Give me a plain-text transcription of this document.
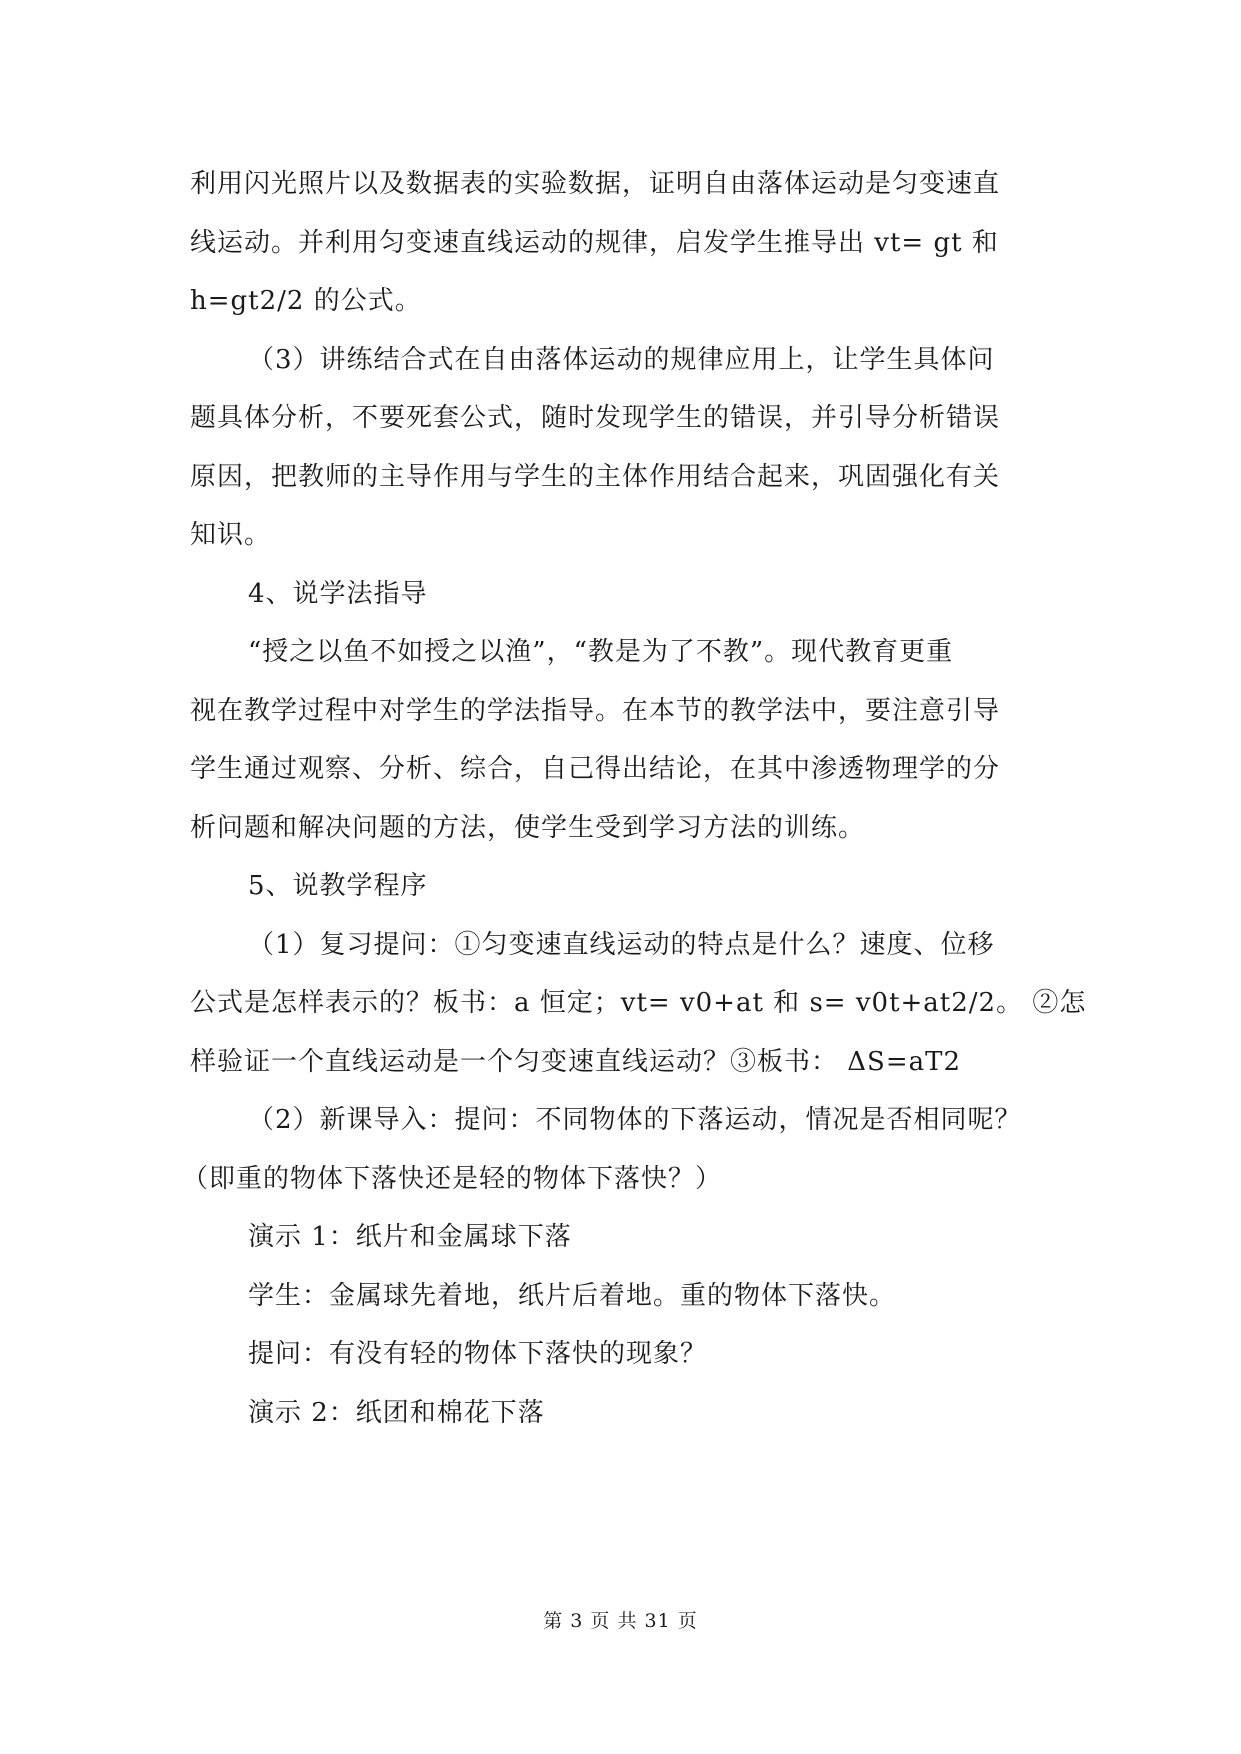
利用闪光照片以及数据表的实验数据，证明自由落体运动是匀变速直
线运动。并利用匀变速直线运动的规律，启发学生推导出 vt= gt 和
h=gt2/2 的公式。
（3）讲练结合式在自由落体运动的规律应用上，让学生具体问
题具体分析，不要死套公式，随时发现学生的错误，并引导分析错误
原因，把教师的主导作用与学生的主体作用结合起来，巩固强化有关
知识。
4、说学法指导
“授之以鱼不如授之以渔”，“教是为了不教”。现代教育更重
视在教学过程中对学生的学法指导。在本节的教学法中，要注意引导
学生通过观察、分析、综合，自己得出结论，在其中渗透物理学的分
析问题和解决问题的方法，使学生受到学习方法的训练。
5、说教学程序
（1）复习提问：①匀变速直线运动的特点是什么？速度、位移
公式是怎样表示的？板书：a 恒定；vt= v0+at 和 s= v0t+at2/2。 ②怎
样验证一个直线运动是一个匀变速直线运动？③板书： ΔS=aT2
（2）新课导入：提问：不同物体的下落运动，情况是否相同呢？
（即重的物体下落快还是轻的物体下落快？）
演示 1：纸片和金属球下落
学生：金属球先着地，纸片后着地。重的物体下落快。
提问：有没有轻的物体下落快的现象？
演示 2：纸团和棉花下落
第 3 页 共 31 页
